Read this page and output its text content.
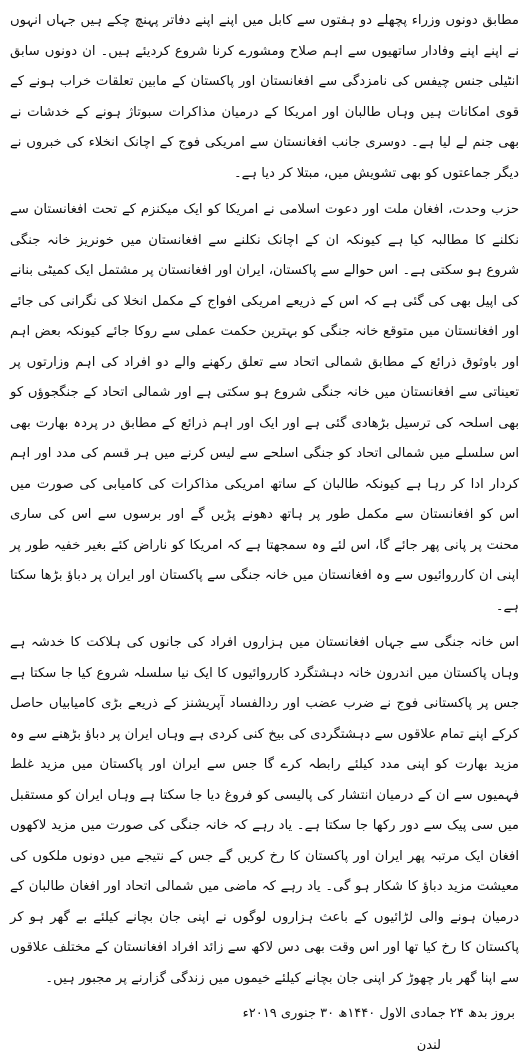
مطابق دونوں وزراء پچھلے دو ہفتوں سے کابل میں اپنے اپنے دفاتر پہنچ چکے ہیں جہاں انہوں نے اپنے اپنے وفادار ساتھیوں سے اہم صلاح ومشورے کرنا شروع کردیئے ہیں۔ ان دونوں سابق انٹیلی جنس چیفس کی نامزدگی سے افغانستان اور پاکستان کے مابین تعلقات خراب ہونے کے قوی امکانات ہیں وہاں طالبان اور امریکا کے درمیان مذاکرات سبوتاژ ہونے کے خدشات نے بھی جنم لے لیا ہے۔ دوسری جانب افغانستان سے امریکی فوج کے اچانک انخلاء کی خبروں نے دیگر جماعتوں کو بھی تشویش میں، مبتلا کر دیا ہے۔

حزب وحدت، افغان ملت اور دعوت اسلامی نے امریکا کو ایک میکنزم کے تحت افغانستان سے نکلنے کا مطالبہ کیا ہے کیونکہ ان کے اچانک نکلنے سے افغانستان میں خونریز خانہ جنگی شروع ہو سکتی ہے۔ اس حوالے سے پاکستان، ایران اور افغانستان پر مشتمل ایک کمیٹی بنانے کی اپیل بھی کی گئی ہے کہ اس کے ذریعے امریکی افواج کے مکمل انخلا کی نگرانی کی جائے اور افغانستان میں متوقع خانہ جنگی کو بہترین حکمت عملی سے روکا جائے کیونکہ بعض اہم اور باوثوق ذرائع کے مطابق شمالی اتحاد سے تعلق رکھنے والے دو افراد کی اہم وزارتوں پر تعیناتی سے افغانستان میں خانہ جنگی شروع ہو سکتی ہے اور شمالی اتحاد کے جنگجوؤں کو بھی اسلحہ کی ترسیل بڑھادی گئی ہے اور ایک اور اہم ذرائع کے مطابق در پردہ بھارت بھی اس سلسلے میں شمالی اتحاد کو جنگی اسلحے سے لیس کرنے میں ہر قسم کی مدد اور اہم کردار ادا کر رہا ہے کیونکہ طالبان کے ساتھ امریکی مذاکرات کی کامیابی کی صورت میں اس کو افغانستان سے مکمل طور پر ہاتھ دھونے پڑیں گے اور برسوں سے اس کی ساری محنت پر پانی پھر جائے گا، اس لئے وہ سمجھتا ہے کہ امریکا کو ناراض کئے بغیر خفیہ طور پر اپنی ان کارروائیوں سے وہ افغانستان میں خانہ جنگی سے پاکستان اور ایران پر دباؤ بڑھا سکتا ہے۔

اس خانہ جنگی سے جہاں افغانستان میں ہزاروں افراد کی جانوں کی ہلاکت کا خدشہ ہے وہاں پاکستان میں اندرون خانہ دہشتگرد کارروائیوں کا ایک نیا سلسلہ شروع کیا جا سکتا ہے جس پر پاکستانی فوج نے ضرب عضب اور ردالفساد آپریشنز کے ذریعے بڑی کامیابیاں حاصل کرکے اپنے تمام علاقوں سے دہشتگردی کی بیخ کنی کردی ہے وہاں ایران پر دباؤ بڑھنے سے وہ مزید بھارت کو اپنی مدد کیلئے رابطہ کرے گا جس سے ایران اور پاکستان میں مزید غلط فہمیوں سے ان کے درمیان انتشار کی پالیسی کو فروغ دیا جا سکتا ہے وہاں ایران کو مستقبل میں سی پیک سے دور رکھا جا سکتا ہے۔ یاد رہے کہ خانہ جنگی کی صورت میں مزید لاکھوں افغان ایک مرتبہ پھر ایران اور پاکستان کا رخ کریں گے جس کے نتیجے میں دونوں ملکوں کی معیشت مزید دباؤ کا شکار ہو گی۔ یاد رہے کہ ماضی میں شمالی اتحاد اور افغان طالبان کے درمیان ہونے والی لڑائیوں کے باعث ہزاروں لوگوں نے اپنی جان بچانے کیلئے بے گھر ہو کر پاکستان کا رخ کیا تھا اور اس وقت بھی دس لاکھ سے زائد افراد افغانستان کے مختلف علاقوں سے اپنا گھر بار چھوڑ کر اپنی جان بچانے کیلئے خیموں میں زندگی گزارنے پر مجبور ہیں۔

بروز بدھ ۲۴ جمادی الاول ۱۴۴۰ھ ۳۰ جنوری ۲۰۱۹ء
لندن
